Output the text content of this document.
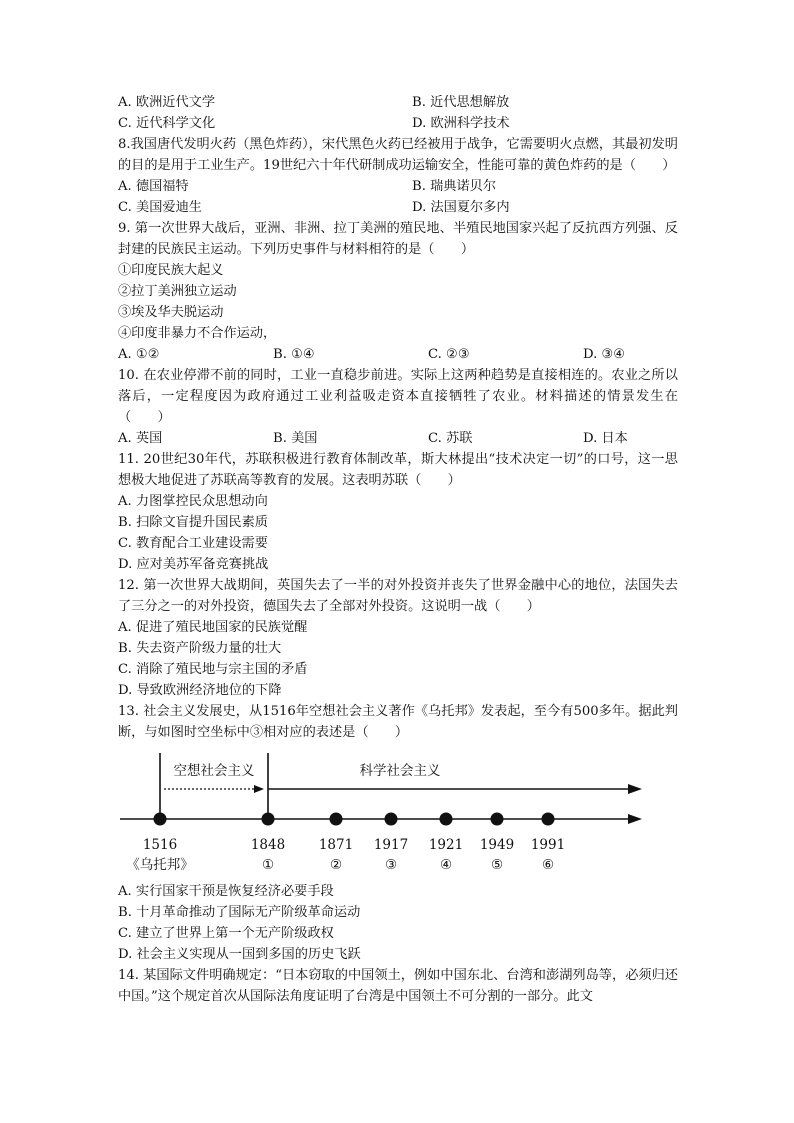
A. 欧洲近代文学	B. 近代思想解放
C. 近代科学文化	D. 欧洲科学技术
8.我国唐代发明火药（黑色炸药），宋代黑色火药已经被用于战争，它需要明火点燃，其最初发明的目的是用于工业生产。19世纪六十年代研制成功运输安全，性能可靠的黄色炸药的是（　　）
A. 德国福特	B. 瑞典诺贝尔
C. 美国爱迪生	D. 法国夏尔多内
9. 第一次世界大战后，亚洲、非洲、拉丁美洲的殖民地、半殖民地国家兴起了反抗西方列强、反封建的民族民主运动。下列历史事件与材料相符的是（　　）
①印度民族大起义
②拉丁美洲独立运动
③埃及华夫脱运动
④印度非暴力不合作运动，
A. ①②	B. ①④	C. ②③	D. ③④
10. 在农业停滞不前的同时，工业一直稳步前进。实际上这两种趋势是直接相连的。农业之所以落后，一定程度因为政府通过工业利益吸走资本直接牺牲了农业。材料描述的情景发生在（　　）
A. 英国	B. 美国	C. 苏联	D. 日本
11. 20世纪30年代，苏联积极进行教育体制改革，斯大林提出“技术决定一切”的口号，这一思想极大地促进了苏联高等教育的发展。这表明苏联（　　）
A. 力图掌控民众思想动向
B. 扫除文盲提升国民素质
C. 教育配合工业建设需要
D. 应对美苏军备竞赛挑战
12. 第一次世界大战期间，英国失去了一半的对外投资并丧失了世界金融中心的地位，法国失去了三分之一的对外投资，德国失去了全部对外投资。这说明一战（　　）
A. 促进了殖民地国家的民族觉醒
B. 失去资产阶级力量的壮大
C. 消除了殖民地与宗主国的矛盾
D. 导致欧洲经济地位的下降
13. 社会主义发展史，从1516年空想社会主义著作《乌托邦》发表起，至今有500多年。据此判断，与如图时空坐标中③相对应的表述是（　　）
空想社会主义	科学社会主义
1516
《乌托邦》
1848
①
1871
②
1917
③
1921
④
1949
⑤
1991
⑥
A. 实行国家干预是恢复经济必要手段
B. 十月革命推动了国际无产阶级革命运动
C. 建立了世界上第一个无产阶级政权
D. 社会主义实现从一国到多国的历史飞跃
14. 某国际文件明确规定：“日本窃取的中国领土，例如中国东北、台湾和澎湖列岛等，必须归还中国。”这个规定首次从国际法角度证明了台湾是中国领土不可分割的一部分。此文
